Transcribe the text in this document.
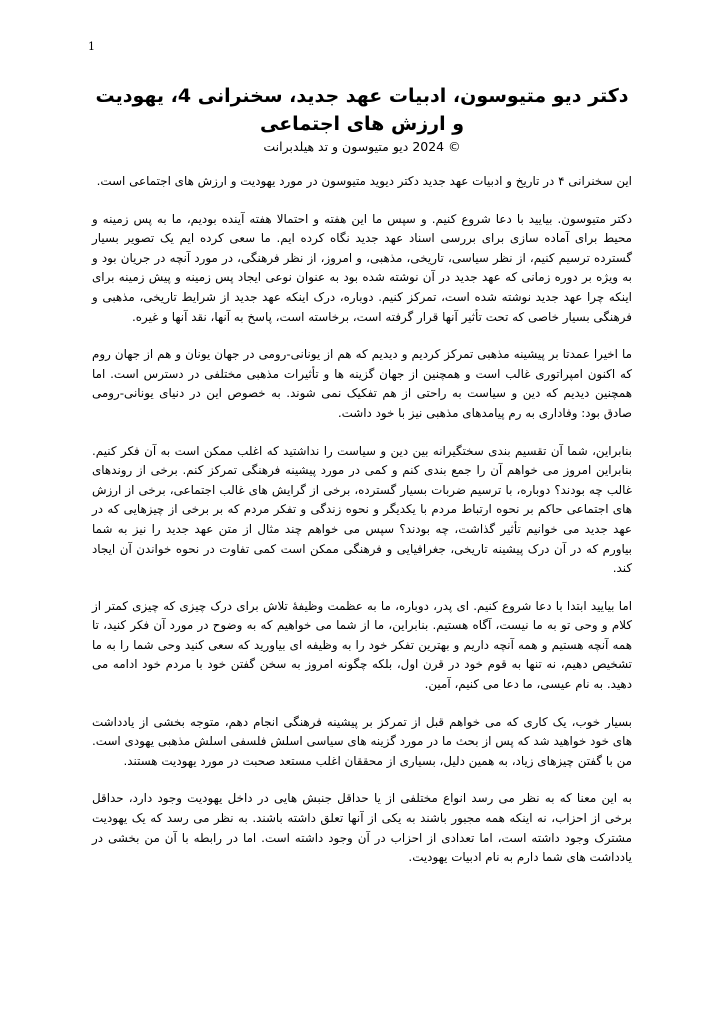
1
دکتر دیو متیوسون، ادبیات عهد جدید، سخنرانی 4، یهودیت و ارزش های اجتماعی

© 2024 دیو متیوسون و تد هیلدبرانت

این سخنرانی ۴ در تاریخ و ادبیات عهد جدید دکتر دیوید متیوسون در مورد یهودیت و ارزش های اجتماعی است.

دکتر متیوسون. بیایید با دعا شروع کنیم. و سپس ما این هفته و احتمالا هفته آینده بودیم، ما به پس زمینه و محیط برای آماده سازی برای بررسی اسناد عهد جدید نگاه کرده ایم. ما سعی کرده ایم یک تصویر بسیار گسترده ترسیم کنیم، از نظر سیاسی، تاریخی، مذهبی، و امروز، از نظر فرهنگی، در مورد آنچه در جریان بود و به ویژه بر دوره زمانی که عهد جدید در آن نوشته شده بود به عنوان نوعی ایجاد پس زمینه و پیش زمینه برای اینکه چرا عهد جدید نوشته شده است، تمرکز کنیم. دوباره، درک اینکه عهد جدید از شرایط تاریخی، مذهبی و فرهنگی بسیار خاصی که تحت تأثیر آنها قرار گرفته است، برخاسته است، پاسخ به آنها، نقد آنها و غیره.

ما اخیرا عمدتا بر پیشینه مذهبی تمرکز کردیم و دیدیم که هم از یونانی-رومی در جهان یونان و هم از جهان روم که اکنون امپراتوری غالب است و همچنین از جهان گزینه ها و تأثیرات مذهبی مختلفی در دسترس است. اما همچنین دیدیم که دین و سیاست به راحتی از هم تفکیک نمی شوند. به خصوص این در دنیای یونانی-رومی صادق بود: وفاداری به رم پیامدهای مذهبی نیز با خود داشت.

بنابراین، شما آن تقسیم بندی سختگیرانه بین دین و سیاست را نداشتید که اغلب ممکن است به آن فکر کنیم. بنابراین امروز می خواهم آن را جمع بندی کنم و کمی در مورد پیشینه فرهنگی تمرکز کنم. برخی از روندهای غالب چه بودند؟ دوباره، با ترسیم ضربات بسیار گسترده، برخی از گرایش های غالب اجتماعی، برخی از ارزش های اجتماعی حاکم بر نحوه ارتباط مردم با یکدیگر و نحوه زندگی و تفکر مردم که بر برخی از چیزهایی که در عهد جدید می خوانیم تأثیر گذاشت، چه بودند؟ سپس می خواهم چند مثال از متن عهد جدید را نیز به شما بیاورم که در آن درک پیشینه تاریخی، جغرافیایی و فرهنگی ممکن است کمی تفاوت در نحوه خواندن آن ایجاد کند.

اما بیایید ابتدا با دعا شروع کنیم. ای پدر، دوباره، ما به عظمت وظیفهٔ تلاش برای درک چیزی که چیزی کمتر از کلام و وحی تو به ما نیست، آگاه هستیم. بنابراین، ما از شما می خواهیم که به وضوح در مورد آن فکر کنید، تا همه آنچه هستیم و همه آنچه داریم و بهترین تفکر خود را به وظیفه ای بیاورید که سعی کنید وحی شما را به ما تشخیص دهیم، نه تنها به قوم خود در قرن اول، بلکه چگونه امروز به سخن گفتن خود با مردم خود ادامه می دهید. به نام عیسی، ما دعا می کنیم، آمین.

بسیار خوب، یک کاری که می خواهم قبل از تمرکز بر پیشینه فرهنگی انجام دهم، متوجه بخشی از یادداشت های خود خواهید شد که پس از بحث ما در مورد گزینه های سیاسی اسلش فلسفی اسلش مذهبی یهودی است. من با گفتن چیزهای زیاد، به همین دلیل، بسیاری از محققان اغلب مستعد صحبت در مورد یهودیت هستند.

به این معنا که به نظر می رسد انواع مختلفی از یا حداقل جنبش هایی در داخل یهودیت وجود دارد، حداقل برخی از احزاب، نه اینکه همه مجبور باشند به یکی از آنها تعلق داشته باشند. به نظر می رسد که یک یهودیت مشترک وجود داشته است، اما تعدادی از احزاب در آن وجود داشته است. اما در رابطه با آن من بخشی در یادداشت های شما دارم به نام ادبیات یهودیت.
